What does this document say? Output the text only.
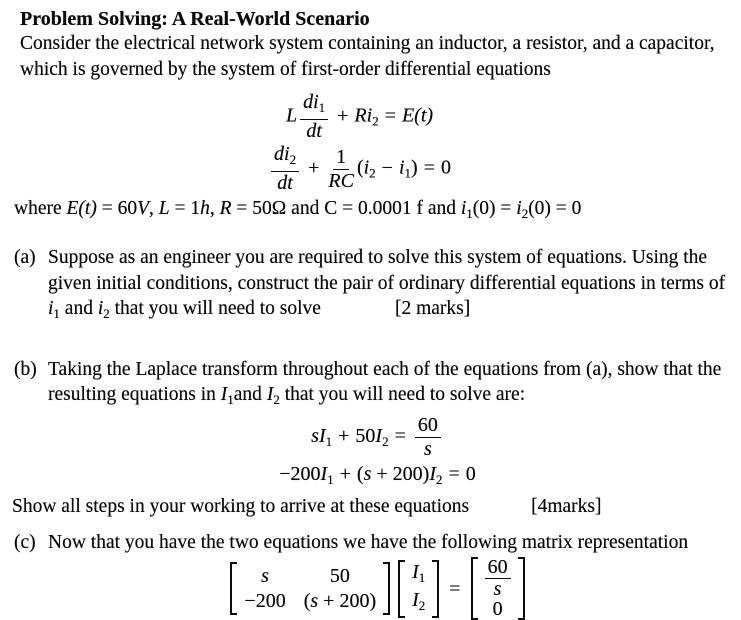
Problem Solving: A Real-World Scenario
Consider the electrical network system containing an inductor, a resistor, and a capacitor, which is governed by the system of first-order differential equations
L $\frac{di_1}{dt} + Ri_2 = E(t)$
$\frac{di_2}{dt} + \frac{1}{RC} (i_2 - i_1) = 0$
where E(t) = 60V, L = 1h, R = 50Ω and C = 0.0001 f and $i_1(0) = i_2(0) = 0$
(a) Suppose as an engineer you are required to solve this system of equations. Using the given initial conditions, construct the pair of ordinary differential equations in terms of $i_1$ and $i_2$ that you will need to solve	[2 marks]
(b) Taking the Laplace transform throughout each of the equations from (a), show that the resulting equations in $I_1and$ $I_2$ that you will need to solve are:
$sI_1 + 50I_2 = \frac{60}{s}$
$-200I_1 + (s + 200)I_2 = 0$
Show all steps in your working to arrive at these equations	[4marks]
(c) Now that you have the two equations we have the following matrix representation
s	50
−200 (s + 200)
$I_1$
$I_2$
= $\frac{60}{s}$
0
